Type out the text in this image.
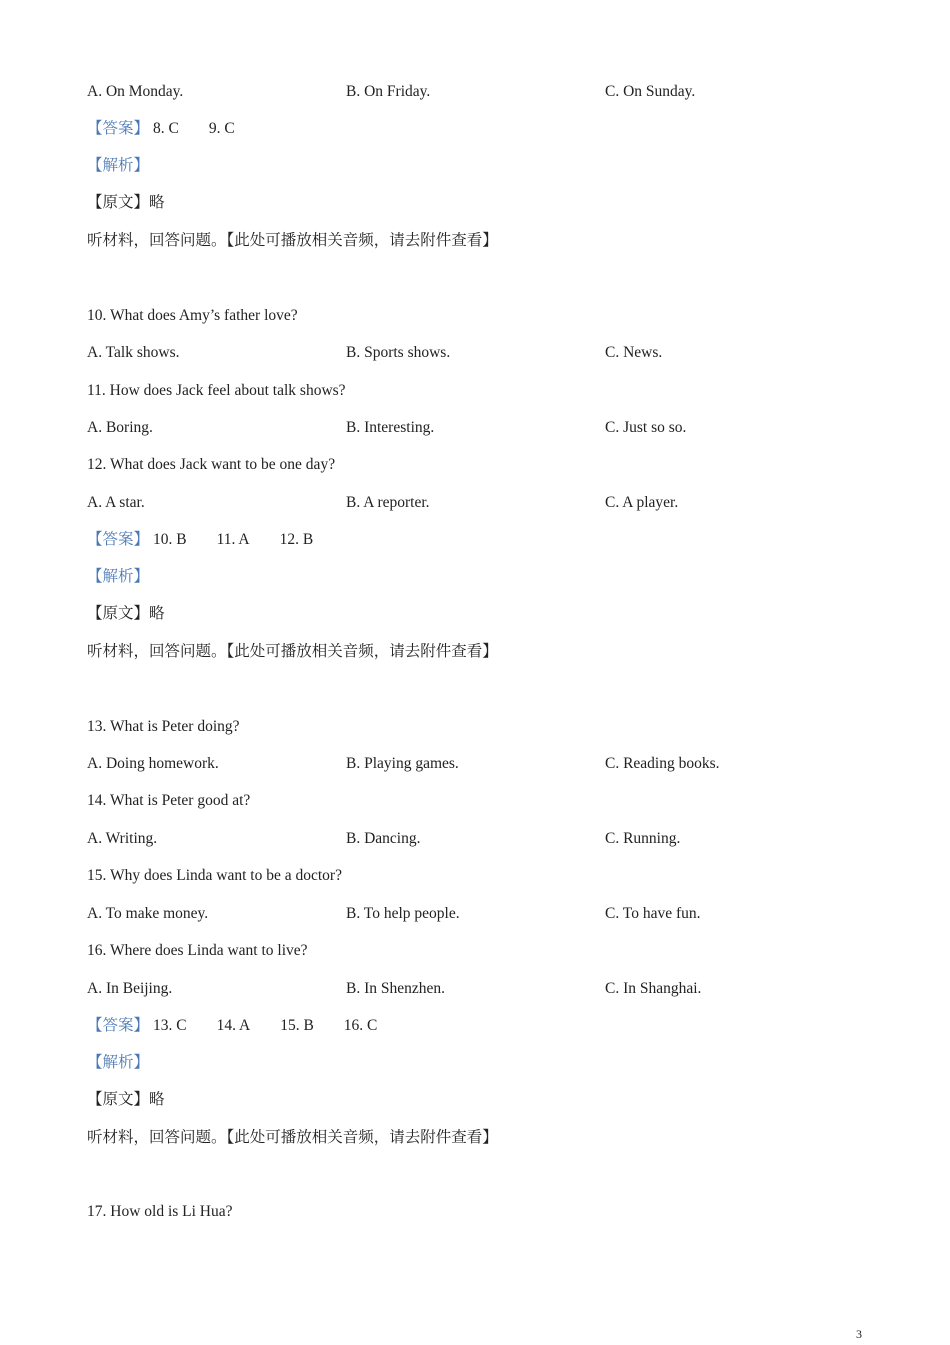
A. On Monday.	B. On Friday.	C. On Sunday.
【答案】 8. C 9. C
【解析】
【原文】略
听材料，回答问题。【此处可播放相关音频，请去附件查看】
10. What does Amy’s father love?
A. Talk shows.	B. Sports shows.	C. News.
11. How does Jack feel about talk shows?
A. Boring.	B. Interesting.	C. Just so so.
12. What does Jack want to be one day?
A. A star.	B. A reporter.	C. A player.
【答案】 10. B 11. A 12. B
【解析】
【原文】略
听材料，回答问题。【此处可播放相关音频，请去附件查看】
13. What is Peter doing?
A. Doing homework.	B. Playing games.	C. Reading books.
14. What is Peter good at?
A. Writing.	B. Dancing.	C. Running.
15. Why does Linda want to be a doctor?
A. To make money.	B. To help people.	C. To have fun.
16. Where does Linda want to live?
A. In Beijing.	B. In Shenzhen.	C. In Shanghai.
【答案】 13. C 14. A 15. B 16. C
【解析】
【原文】略
听材料，回答问题。【此处可播放相关音频，请去附件查看】
17. How old is Li Hua?
3
